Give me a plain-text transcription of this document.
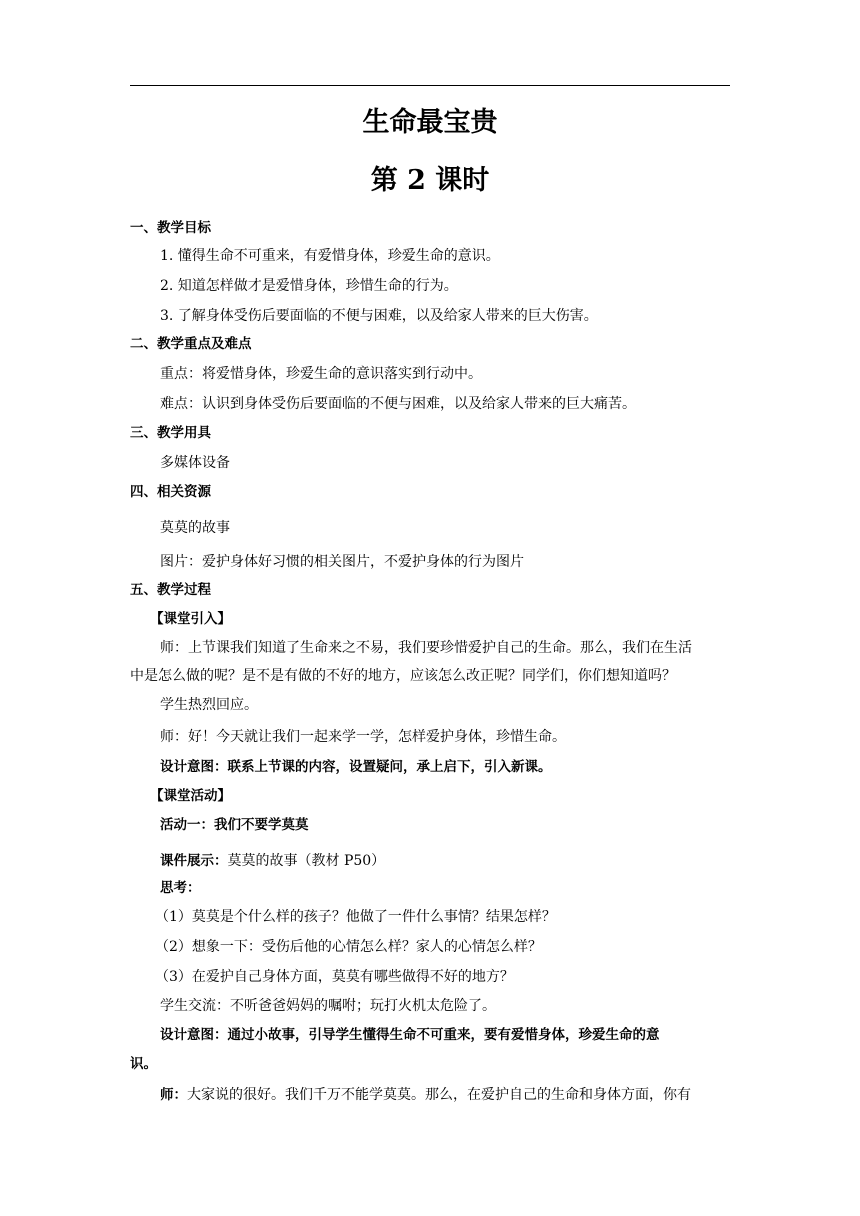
生命最宝贵
第 2 课时
一、教学目标
1. 懂得生命不可重来，有爱惜身体，珍爱生命的意识。
2. 知道怎样做才是爱惜身体，珍惜生命的行为。
3. 了解身体受伤后要面临的不便与困难，以及给家人带来的巨大伤害。
二、教学重点及难点
重点：将爱惜身体，珍爱生命的意识落实到行动中。
难点：认识到身体受伤后要面临的不便与困难，以及给家人带来的巨大痛苦。
三、教学用具
多媒体设备
四、相关资源
莫莫的故事
图片：爱护身体好习惯的相关图片，不爱护身体的行为图片
五、教学过程
【课堂引入】
师：上节课我们知道了生命来之不易，我们要珍惜爱护自己的生命。那么，我们在生活
中是怎么做的呢？是不是有做的不好的地方，应该怎么改正呢？同学们，你们想知道吗？
学生热烈回应。
师：好！今天就让我们一起来学一学，怎样爱护身体，珍惜生命。
设计意图：联系上节课的内容，设置疑问，承上启下，引入新课。
【课堂活动】
活动一：我们不要学莫莫
课件展示：莫莫的故事（教材 P50）
思考：
（1）莫莫是个什么样的孩子？他做了一件什么事情？结果怎样？
（2）想象一下：受伤后他的心情怎么样？家人的心情怎么样？
（3）在爱护自己身体方面，莫莫有哪些做得不好的地方？
学生交流：不听爸爸妈妈的嘱咐；玩打火机太危险了。
设计意图：通过小故事，引导学生懂得生命不可重来，要有爱惜身体，珍爱生命的意
识。
师：大家说的很好。我们千万不能学莫莫。那么，在爱护自己的生命和身体方面，你有
